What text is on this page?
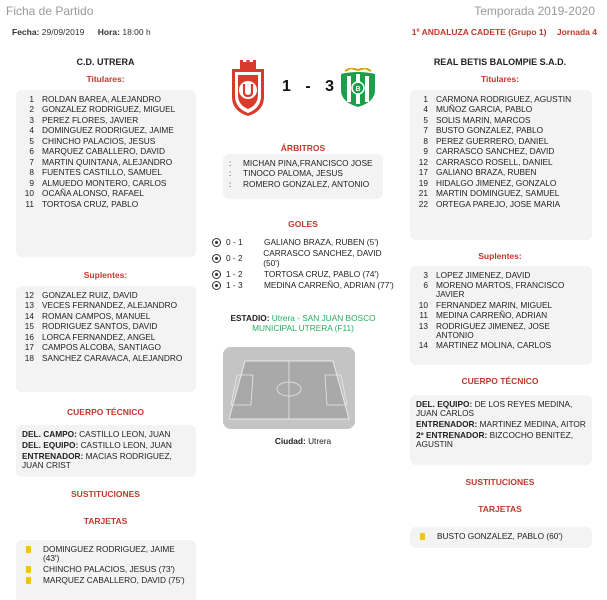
Ficha de Partido	Temporada 2019-2020
Fecha: 29/09/2019 Hora: 18:00 h	1º ANDALUZA CADETE (Grupo 1) Jornada 4
C.D. UTRERA
Titulares:
1 ROLDAN BAREA, ALEJANDRO
2 GONZALEZ RODRIGUEZ, MIGUEL
3 PEREZ FLORES, JAVIER
4 DOMINGUEZ RODRIGUEZ, JAIME
5 CHINCHO PALACIOS, JESUS
6 MARQUEZ CABALLERO, DAVID
7 MARTIN QUINTANA, ALEJANDRO
8 FUENTES CASTILLO, SAMUEL
9 ALMUEDO MONTERO, CARLOS
10 OCAÑA ALONSO, RAFAEL
11 TORTOSA CRUZ, PABLO
Suplentes:
12 GONZALEZ RUIZ, DAVID
13 VECES FERNANDEZ, ALEJANDRO
14 ROMAN CAMPOS, MANUEL
15 RODRIGUEZ SANTOS, DAVID
16 LORCA FERNANDEZ, ANGEL
17 CAMPOS ALCOBA, SANTIAGO
18 SANCHEZ CARAVACA, ALEJANDRO
CUERPO TÉCNICO
DEL. CAMPO: CASTILLO LEON, JUAN
DEL. EQUIPO: CASTILLO LEON, JUAN
ENTRENADOR: MACIAS RODRIGUEZ, JUAN CRIST
SUSTITUCIONES
TARJETAS
DOMINGUEZ RODRIGUEZ, JAIME (43')
CHINCHO PALACIOS, JESUS (73')
MARQUEZ CABALLERO, DAVID (75')
1 - 3	B
ÁRBITROS
:	MICHAN PINA,FRANCISCO JOSE
:	TINOCO PALOMA, JESUS
:	ROMERO GONZALEZ, ANTONIO
GOLES
0 - 1	GALIANO BRAZA, RUBEN (5')
0 - 2	CARRASCO SANCHEZ, DAVID (50')
1 - 2	TORTOSA CRUZ, PABLO (74')
1 - 3	MEDINA CARREÑO, ADRIAN (77')
ESTADIO: Utrera - SAN JUAN BOSCO MUNICIPAL UTRERA (F11)
Ciudad: Utrera
REAL BETIS BALOMPIE S.A.D.
Titulares:
1 CARMONA RODRIGUEZ, AGUSTIN
4 MUÑOZ GARCIA, PABLO
5 SOLIS MARIN, MARCOS
7 BUSTO GONZALEZ, PABLO
8 PEREZ GUERRERO, DANIEL
9 CARRASCO SANCHEZ, DAVID
12 CARRASCO ROSELL, DANIEL
17 GALIANO BRAZA, RUBEN
19 HIDALGO JIMENEZ, GONZALO
21 MARTIN DOMINGUEZ, SAMUEL
22 ORTEGA PAREJO, JOSE MARIA
Suplentes:
3 LOPEZ JIMENEZ, DAVID
6 MORENO MARTOS, FRANCISCO JAVIER
10 FERNANDEZ MARIN, MIGUEL
11 MEDINA CARREÑO, ADRIAN
13 RODRIGUEZ JIMENEZ, JOSE ANTONIO
14 MARTINEZ MOLINA, CARLOS
CUERPO TÉCNICO
DEL. EQUIPO: DE LOS REYES MEDINA, JUAN CARLOS
ENTRENADOR: MARTINEZ MEDINA, AITOR
2º ENTRENADOR: BIZCOCHO BENITEZ, AGUSTIN
SUSTITUCIONES
TARJETAS
BUSTO GONZALEZ, PABLO (60')
